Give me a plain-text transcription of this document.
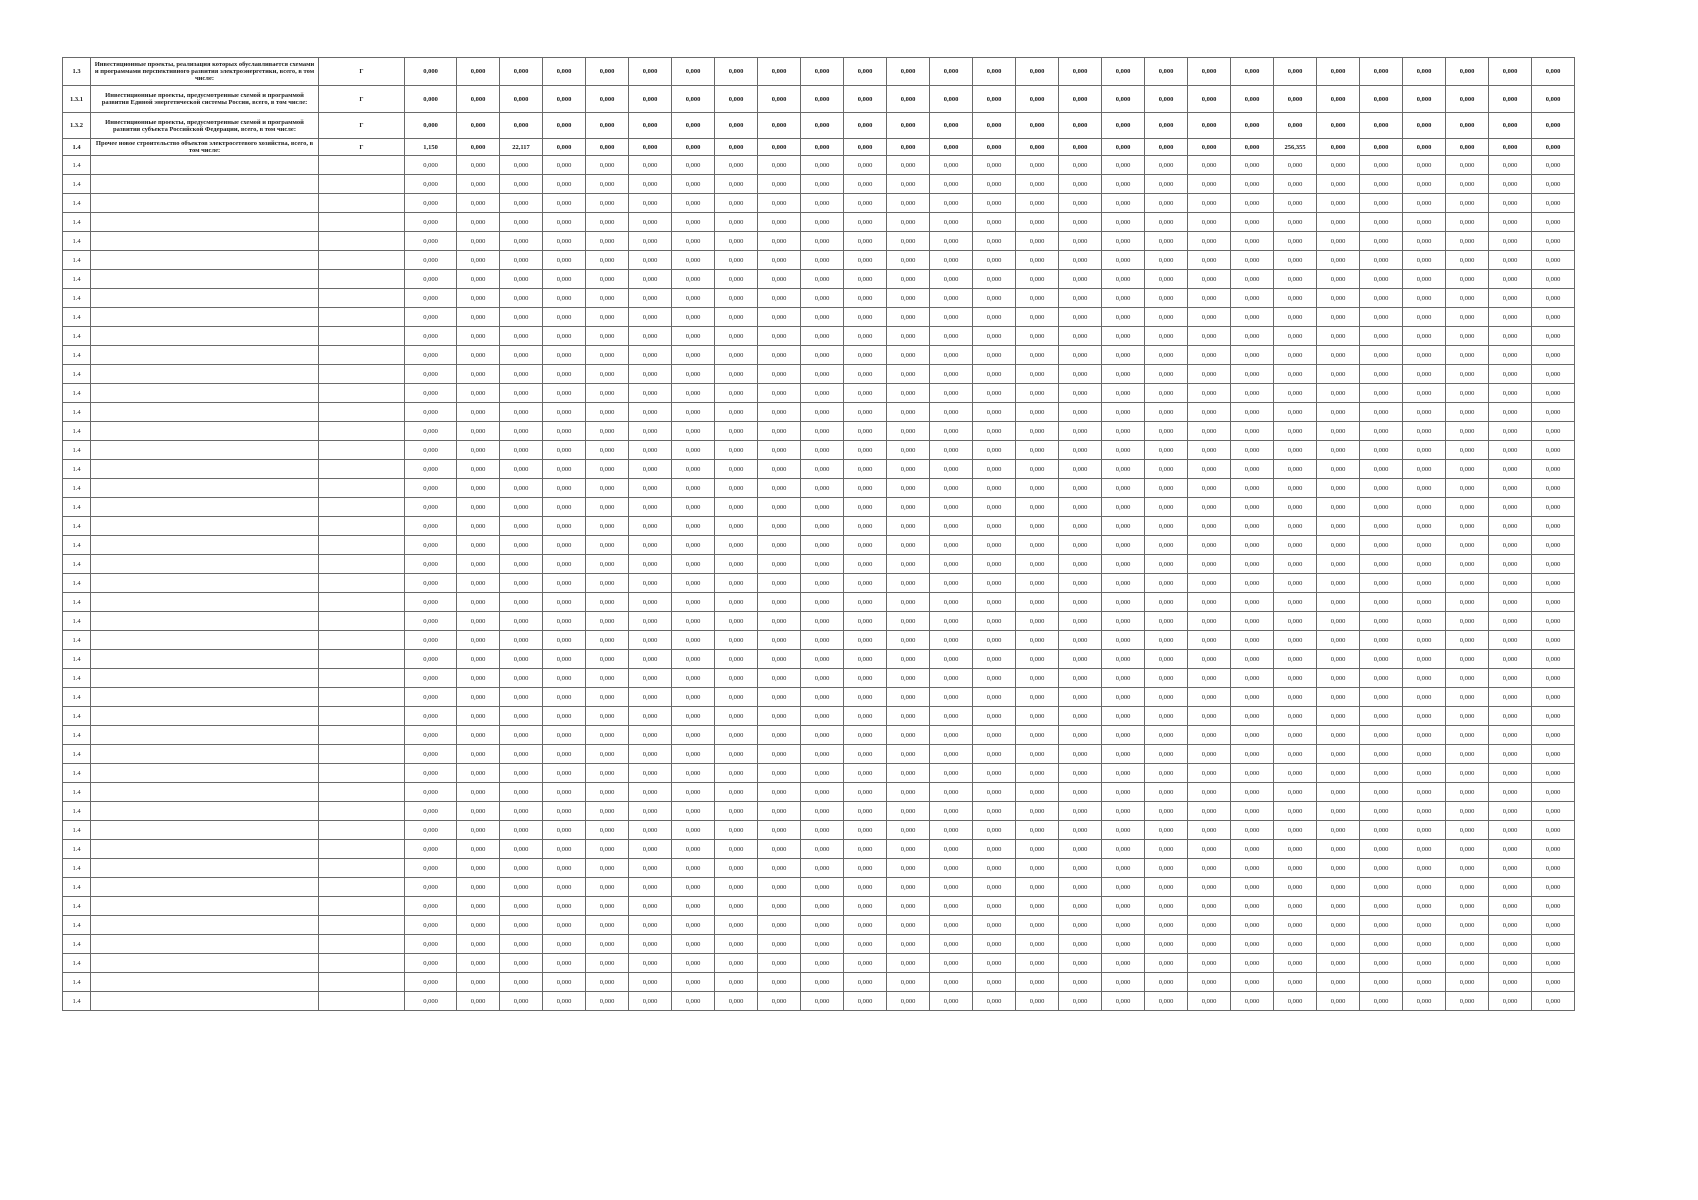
1.3	Инвестиционные проекты, реализация которых обуславливается схемами и программами перспективного развития электроэнергетики, всего, в том числе:	Г	0,000	0,000	0,000	0,000	0,000	0,000	0,000	0,000	0,000	0,000	0,000	0,000	0,000	0,000	0,000	0,000	0,000	0,000	0,000	0,000	0,000	0,000	0,000	0,000	0,000	0,000	0,000
1.3.1	Инвестиционные проекты, предусмотренные схемой и программой развития Единой энергетической системы России, всего, в том числе:	Г	0,000	0,000	0,000	0,000	0,000	0,000	0,000	0,000	0,000	0,000	0,000	0,000	0,000	0,000	0,000	0,000	0,000	0,000	0,000	0,000	0,000	0,000	0,000	0,000	0,000	0,000	0,000
1.3.2	Инвестиционные проекты, предусмотренные схемой и программой развития субъекта Российской Федерации, всего, в том числе:	Г	0,000	0,000	0,000	0,000	0,000	0,000	0,000	0,000	0,000	0,000	0,000	0,000	0,000	0,000	0,000	0,000	0,000	0,000	0,000	0,000	0,000	0,000	0,000	0,000	0,000	0,000	0,000
1.4	Прочее новое строительство объектов электросетевого хозяйства, всего, в том числе:	Г	1,150	0,000	22,117	0,000	0,000	0,000	0,000	0,000	0,000	0,000	0,000	0,000	0,000	0,000	0,000	0,000	0,000	0,000	0,000	0,000	256,355	0,000	0,000	0,000	0,000	0,000	0,000
1.4			0,000	0,000	0,000	0,000	0,000	0,000	0,000	0,000	0,000	0,000	0,000	0,000	0,000	0,000	0,000	0,000	0,000	0,000	0,000	0,000	0,000	0,000	0,000	0,000	0,000	0,000	0,000
1.4			0,000	0,000	0,000	0,000	0,000	0,000	0,000	0,000	0,000	0,000	0,000	0,000	0,000	0,000	0,000	0,000	0,000	0,000	0,000	0,000	0,000	0,000	0,000	0,000	0,000	0,000	0,000
1.4			0,000	0,000	0,000	0,000	0,000	0,000	0,000	0,000	0,000	0,000	0,000	0,000	0,000	0,000	0,000	0,000	0,000	0,000	0,000	0,000	0,000	0,000	0,000	0,000	0,000	0,000	0,000
1.4			0,000	0,000	0,000	0,000	0,000	0,000	0,000	0,000	0,000	0,000	0,000	0,000	0,000	0,000	0,000	0,000	0,000	0,000	0,000	0,000	0,000	0,000	0,000	0,000	0,000	0,000	0,000
1.4			0,000	0,000	0,000	0,000	0,000	0,000	0,000	0,000	0,000	0,000	0,000	0,000	0,000	0,000	0,000	0,000	0,000	0,000	0,000	0,000	0,000	0,000	0,000	0,000	0,000	0,000	0,000
1.4			0,000	0,000	0,000	0,000	0,000	0,000	0,000	0,000	0,000	0,000	0,000	0,000	0,000	0,000	0,000	0,000	0,000	0,000	0,000	0,000	0,000	0,000	0,000	0,000	0,000	0,000	0,000
1.4			0,000	0,000	0,000	0,000	0,000	0,000	0,000	0,000	0,000	0,000	0,000	0,000	0,000	0,000	0,000	0,000	0,000	0,000	0,000	0,000	0,000	0,000	0,000	0,000	0,000	0,000	0,000
1.4			0,000	0,000	0,000	0,000	0,000	0,000	0,000	0,000	0,000	0,000	0,000	0,000	0,000	0,000	0,000	0,000	0,000	0,000	0,000	0,000	0,000	0,000	0,000	0,000	0,000	0,000	0,000
1.4			0,000	0,000	0,000	0,000	0,000	0,000	0,000	0,000	0,000	0,000	0,000	0,000	0,000	0,000	0,000	0,000	0,000	0,000	0,000	0,000	0,000	0,000	0,000	0,000	0,000	0,000	0,000
1.4			0,000	0,000	0,000	0,000	0,000	0,000	0,000	0,000	0,000	0,000	0,000	0,000	0,000	0,000	0,000	0,000	0,000	0,000	0,000	0,000	0,000	0,000	0,000	0,000	0,000	0,000	0,000
1.4			0,000	0,000	0,000	0,000	0,000	0,000	0,000	0,000	0,000	0,000	0,000	0,000	0,000	0,000	0,000	0,000	0,000	0,000	0,000	0,000	0,000	0,000	0,000	0,000	0,000	0,000	0,000
1.4			0,000	0,000	0,000	0,000	0,000	0,000	0,000	0,000	0,000	0,000	0,000	0,000	0,000	0,000	0,000	0,000	0,000	0,000	0,000	0,000	0,000	0,000	0,000	0,000	0,000	0,000	0,000
1.4			0,000	0,000	0,000	0,000	0,000	0,000	0,000	0,000	0,000	0,000	0,000	0,000	0,000	0,000	0,000	0,000	0,000	0,000	0,000	0,000	0,000	0,000	0,000	0,000	0,000	0,000	0,000
1.4			0,000	0,000	0,000	0,000	0,000	0,000	0,000	0,000	0,000	0,000	0,000	0,000	0,000	0,000	0,000	0,000	0,000	0,000	0,000	0,000	0,000	0,000	0,000	0,000	0,000	0,000	0,000
1.4			0,000	0,000	0,000	0,000	0,000	0,000	0,000	0,000	0,000	0,000	0,000	0,000	0,000	0,000	0,000	0,000	0,000	0,000	0,000	0,000	0,000	0,000	0,000	0,000	0,000	0,000	0,000
1.4			0,000	0,000	0,000	0,000	0,000	0,000	0,000	0,000	0,000	0,000	0,000	0,000	0,000	0,000	0,000	0,000	0,000	0,000	0,000	0,000	0,000	0,000	0,000	0,000	0,000	0,000	0,000
1.4			0,000	0,000	0,000	0,000	0,000	0,000	0,000	0,000	0,000	0,000	0,000	0,000	0,000	0,000	0,000	0,000	0,000	0,000	0,000	0,000	0,000	0,000	0,000	0,000	0,000	0,000	0,000
1.4			0,000	0,000	0,000	0,000	0,000	0,000	0,000	0,000	0,000	0,000	0,000	0,000	0,000	0,000	0,000	0,000	0,000	0,000	0,000	0,000	0,000	0,000	0,000	0,000	0,000	0,000	0,000
1.4			0,000	0,000	0,000	0,000	0,000	0,000	0,000	0,000	0,000	0,000	0,000	0,000	0,000	0,000	0,000	0,000	0,000	0,000	0,000	0,000	0,000	0,000	0,000	0,000	0,000	0,000	0,000
1.4			0,000	0,000	0,000	0,000	0,000	0,000	0,000	0,000	0,000	0,000	0,000	0,000	0,000	0,000	0,000	0,000	0,000	0,000	0,000	0,000	0,000	0,000	0,000	0,000	0,000	0,000	0,000
1.4			0,000	0,000	0,000	0,000	0,000	0,000	0,000	0,000	0,000	0,000	0,000	0,000	0,000	0,000	0,000	0,000	0,000	0,000	0,000	0,000	0,000	0,000	0,000	0,000	0,000	0,000	0,000
1.4			0,000	0,000	0,000	0,000	0,000	0,000	0,000	0,000	0,000	0,000	0,000	0,000	0,000	0,000	0,000	0,000	0,000	0,000	0,000	0,000	0,000	0,000	0,000	0,000	0,000	0,000	0,000
1.4			0,000	0,000	0,000	0,000	0,000	0,000	0,000	0,000	0,000	0,000	0,000	0,000	0,000	0,000	0,000	0,000	0,000	0,000	0,000	0,000	0,000	0,000	0,000	0,000	0,000	0,000	0,000
1.4			0,000	0,000	0,000	0,000	0,000	0,000	0,000	0,000	0,000	0,000	0,000	0,000	0,000	0,000	0,000	0,000	0,000	0,000	0,000	0,000	0,000	0,000	0,000	0,000	0,000	0,000	0,000
1.4			0,000	0,000	0,000	0,000	0,000	0,000	0,000	0,000	0,000	0,000	0,000	0,000	0,000	0,000	0,000	0,000	0,000	0,000	0,000	0,000	0,000	0,000	0,000	0,000	0,000	0,000	0,000
1.4			0,000	0,000	0,000	0,000	0,000	0,000	0,000	0,000	0,000	0,000	0,000	0,000	0,000	0,000	0,000	0,000	0,000	0,000	0,000	0,000	0,000	0,000	0,000	0,000	0,000	0,000	0,000
1.4			0,000	0,000	0,000	0,000	0,000	0,000	0,000	0,000	0,000	0,000	0,000	0,000	0,000	0,000	0,000	0,000	0,000	0,000	0,000	0,000	0,000	0,000	0,000	0,000	0,000	0,000	0,000
1.4			0,000	0,000	0,000	0,000	0,000	0,000	0,000	0,000	0,000	0,000	0,000	0,000	0,000	0,000	0,000	0,000	0,000	0,000	0,000	0,000	0,000	0,000	0,000	0,000	0,000	0,000	0,000
1.4			0,000	0,000	0,000	0,000	0,000	0,000	0,000	0,000	0,000	0,000	0,000	0,000	0,000	0,000	0,000	0,000	0,000	0,000	0,000	0,000	0,000	0,000	0,000	0,000	0,000	0,000	0,000
1.4			0,000	0,000	0,000	0,000	0,000	0,000	0,000	0,000	0,000	0,000	0,000	0,000	0,000	0,000	0,000	0,000	0,000	0,000	0,000	0,000	0,000	0,000	0,000	0,000	0,000	0,000	0,000
1.4			0,000	0,000	0,000	0,000	0,000	0,000	0,000	0,000	0,000	0,000	0,000	0,000	0,000	0,000	0,000	0,000	0,000	0,000	0,000	0,000	0,000	0,000	0,000	0,000	0,000	0,000	0,000
1.4			0,000	0,000	0,000	0,000	0,000	0,000	0,000	0,000	0,000	0,000	0,000	0,000	0,000	0,000	0,000	0,000	0,000	0,000	0,000	0,000	0,000	0,000	0,000	0,000	0,000	0,000	0,000
1.4			0,000	0,000	0,000	0,000	0,000	0,000	0,000	0,000	0,000	0,000	0,000	0,000	0,000	0,000	0,000	0,000	0,000	0,000	0,000	0,000	0,000	0,000	0,000	0,000	0,000	0,000	0,000
1.4			0,000	0,000	0,000	0,000	0,000	0,000	0,000	0,000	0,000	0,000	0,000	0,000	0,000	0,000	0,000	0,000	0,000	0,000	0,000	0,000	0,000	0,000	0,000	0,000	0,000	0,000	0,000
1.4			0,000	0,000	0,000	0,000	0,000	0,000	0,000	0,000	0,000	0,000	0,000	0,000	0,000	0,000	0,000	0,000	0,000	0,000	0,000	0,000	0,000	0,000	0,000	0,000	0,000	0,000	0,000
1.4			0,000	0,000	0,000	0,000	0,000	0,000	0,000	0,000	0,000	0,000	0,000	0,000	0,000	0,000	0,000	0,000	0,000	0,000	0,000	0,000	0,000	0,000	0,000	0,000	0,000	0,000	0,000
1.4			0,000	0,000	0,000	0,000	0,000	0,000	0,000	0,000	0,000	0,000	0,000	0,000	0,000	0,000	0,000	0,000	0,000	0,000	0,000	0,000	0,000	0,000	0,000	0,000	0,000	0,000	0,000
1.4			0,000	0,000	0,000	0,000	0,000	0,000	0,000	0,000	0,000	0,000	0,000	0,000	0,000	0,000	0,000	0,000	0,000	0,000	0,000	0,000	0,000	0,000	0,000	0,000	0,000	0,000	0,000
1.4			0,000	0,000	0,000	0,000	0,000	0,000	0,000	0,000	0,000	0,000	0,000	0,000	0,000	0,000	0,000	0,000	0,000	0,000	0,000	0,000	0,000	0,000	0,000	0,000	0,000	0,000	0,000
1.4			0,000	0,000	0,000	0,000	0,000	0,000	0,000	0,000	0,000	0,000	0,000	0,000	0,000	0,000	0,000	0,000	0,000	0,000	0,000	0,000	0,000	0,000	0,000	0,000	0,000	0,000	0,000
1.4			0,000	0,000	0,000	0,000	0,000	0,000	0,000	0,000	0,000	0,000	0,000	0,000	0,000	0,000	0,000	0,000	0,000	0,000	0,000	0,000	0,000	0,000	0,000	0,000	0,000	0,000	0,000
1.4			0,000	0,000	0,000	0,000	0,000	0,000	0,000	0,000	0,000	0,000	0,000	0,000	0,000	0,000	0,000	0,000	0,000	0,000	0,000	0,000	0,000	0,000	0,000	0,000	0,000	0,000	0,000
1.4			0,000	0,000	0,000	0,000	0,000	0,000	0,000	0,000	0,000	0,000	0,000	0,000	0,000	0,000	0,000	0,000	0,000	0,000	0,000	0,000	0,000	0,000	0,000	0,000	0,000	0,000	0,000
1.4			0,000	0,000	0,000	0,000	0,000	0,000	0,000	0,000	0,000	0,000	0,000	0,000	0,000	0,000	0,000	0,000	0,000	0,000	0,000	0,000	0,000	0,000	0,000	0,000	0,000	0,000	0,000
1.4			0,000	0,000	0,000	0,000	0,000	0,000	0,000	0,000	0,000	0,000	0,000	0,000	0,000	0,000	0,000	0,000	0,000	0,000	0,000	0,000	0,000	0,000	0,000	0,000	0,000	0,000	0,000
